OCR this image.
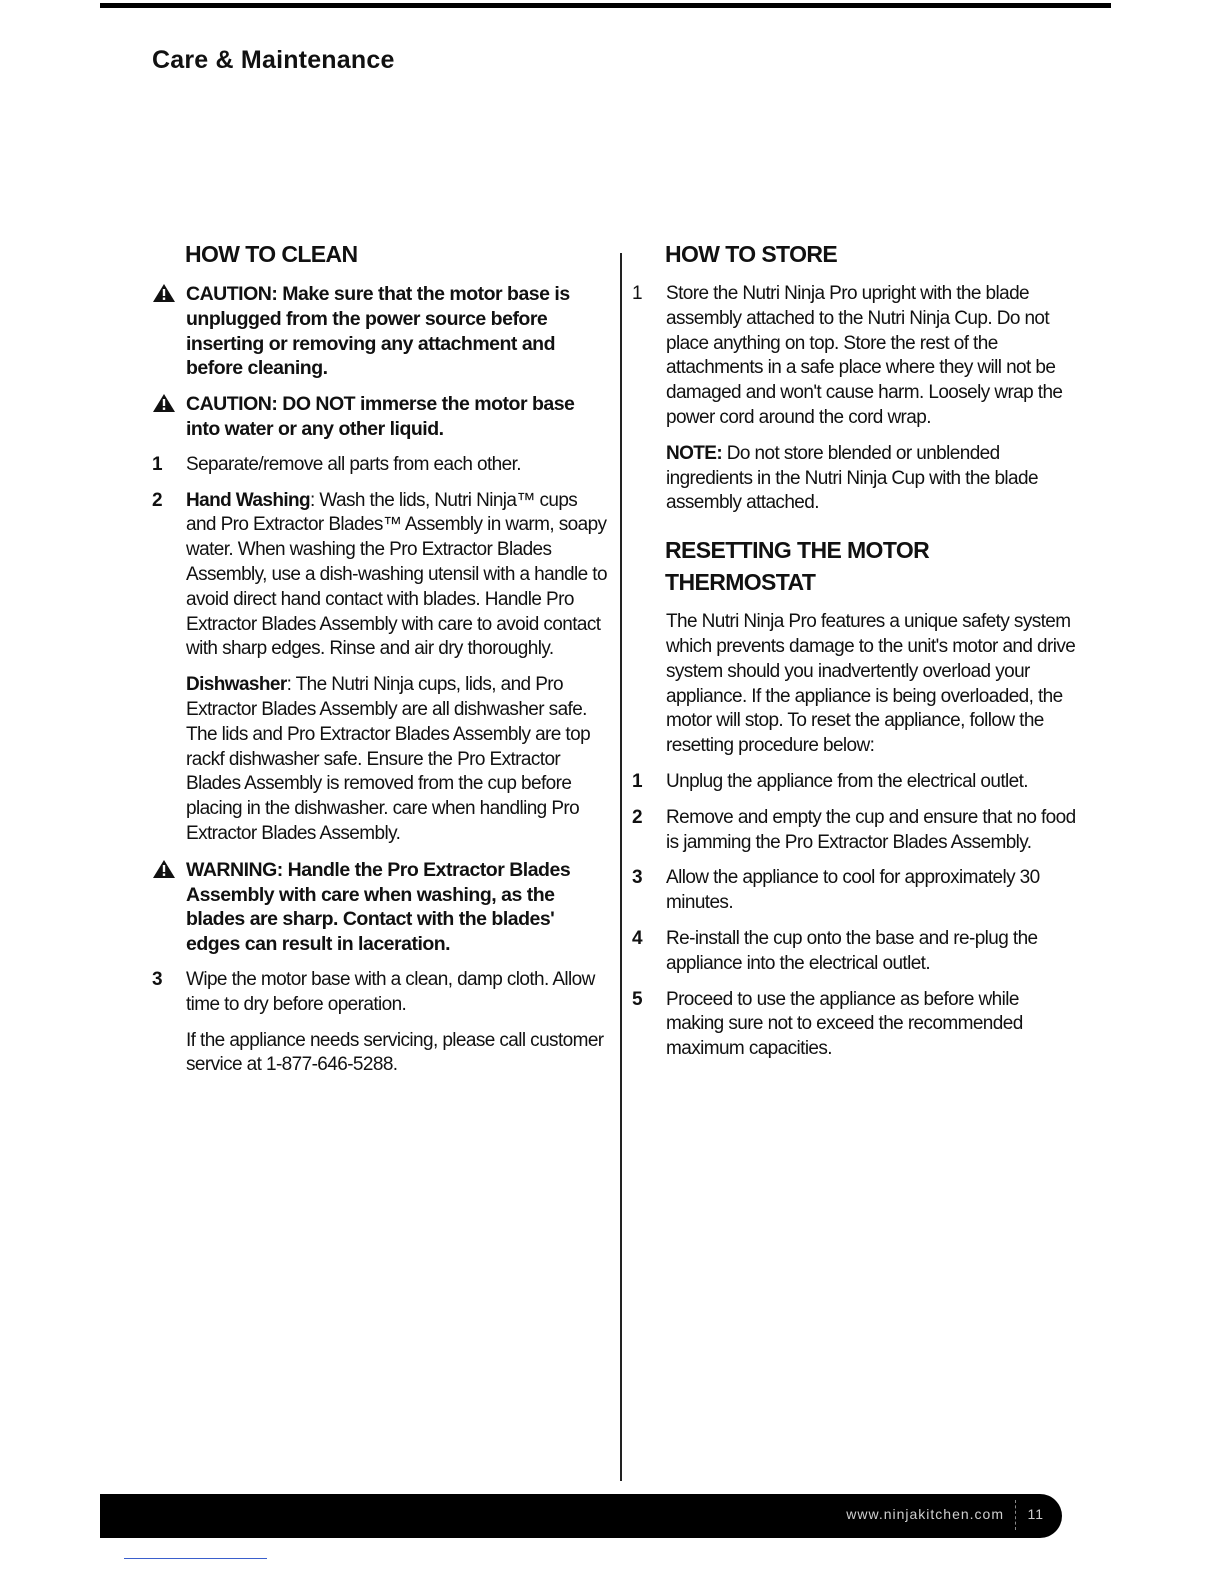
Care & Maintenance
HOW TO CLEAN

CAUTION: Make sure that the motor base is unplugged from the power source before inserting or removing any attachment and before cleaning.

CAUTION: DO NOT immerse the motor base into water or any other liquid.

1	Separate/remove all parts from each other.

2	Hand Washing: Wash the lids, Nutri Ninja™ cups and Pro Extractor Blades™ Assembly in warm, soapy water. When washing the Pro Extractor Blades Assembly, use a dish-washing utensil with a handle to avoid direct hand contact with blades. Handle Pro Extractor Blades Assembly with care to avoid contact with sharp edges. Rinse and air dry thoroughly.

Dishwasher: The Nutri Ninja cups, lids, and Pro Extractor Blades Assembly are all dishwasher safe. The lids and Pro Extractor Blades Assembly are top rackf dishwasher safe. Ensure the Pro Extractor Blades Assembly is removed from the cup before placing in the dishwasher. care when handling Pro Extractor Blades Assembly.

WARNING: Handle the Pro Extractor Blades Assembly with care when washing, as the blades are sharp. Contact with the blades' edges can result in laceration.

3	Wipe the motor base with a clean, damp cloth. Allow time to dry before operation.

If the appliance needs servicing, please call customer service at 1-877-646-5288.

HOW TO STORE
1	Store the Nutri Ninja Pro upright with the blade assembly attached to the Nutri Ninja Cup. Do not place anything on top. Store the rest of the attachments in a safe place where they will not be damaged and won't cause harm. Loosely wrap the power cord around the cord wrap.

NOTE: Do not store blended or unblended ingredients in the Nutri Ninja Cup with the blade assembly attached.

RESETTING THE MOTOR THERMOSTAT

The Nutri Ninja Pro features a unique safety system which prevents damage to the unit's motor and drive system should you inadvertently overload your appliance. If the appliance is being overloaded, the motor will stop. To reset the appliance, follow the resetting procedure below:

1	Unplug the appliance from the electrical outlet.

2	Remove and empty the cup and ensure that no food is jamming the Pro Extractor Blades Assembly.

3	Allow the appliance to cool for approximately 30 minutes.

4	Re-install the cup onto the base and re-plug the appliance into the electrical outlet.

5	Proceed to use the appliance as before while making sure not to exceed the recommended maximum capacities.

www.ninjakitchen.com 11
